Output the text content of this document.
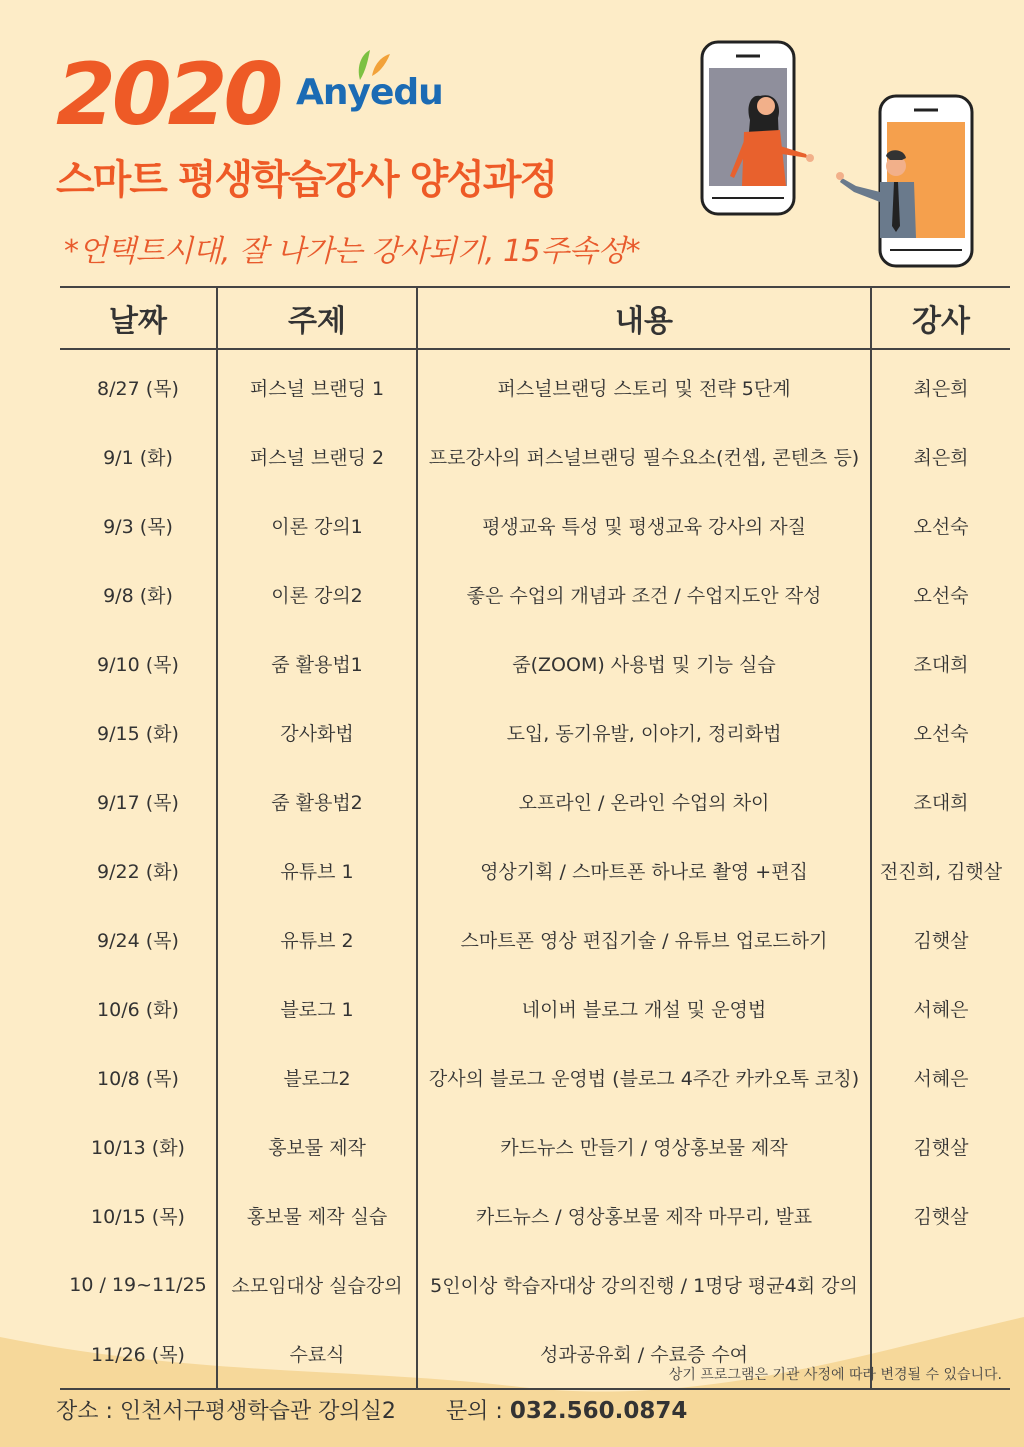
2020 Anyedu
스마트 평생학습강사 양성과정
*언택트시대, 잘 나가는 강사되기, 15주속성*
날짜	주제	내용	강사
8/27 (목)	퍼스널 브랜딩 1	퍼스널브랜딩 스토리 및 전략 5단계	최은희
9/1 (화)	퍼스널 브랜딩 2	프로강사의 퍼스널브랜딩 필수요소(컨셉, 콘텐츠 등)	최은희
9/3 (목)	이론 강의1	평생교육 특성 및 평생교육 강사의 자질	오선숙
9/8 (화)	이론 강의2	좋은 수업의 개념과 조건 / 수업지도안 작성	오선숙
9/10 (목)	줌 활용법1	줌(ZOOM) 사용법 및 기능 실습	조대희
9/15 (화)	강사화법	도입, 동기유발, 이야기, 정리화법	오선숙
9/17 (목)	줌 활용법2	오프라인 / 온라인 수업의 차이	조대희
9/22 (화)	유튜브 1	영상기획 / 스마트폰 하나로 촬영 +편집	전진희, 김햇살
9/24 (목)	유튜브 2	스마트폰 영상 편집기술 / 유튜브 업로드하기	김햇살
10/6 (화)	블로그 1	네이버 블로그 개설 및 운영법	서혜은
10/8 (목)	블로그2	강사의 블로그 운영법 (블로그 4주간 카카오톡 코칭)	서혜은
10/13 (화)	홍보물 제작	카드뉴스 만들기 / 영상홍보물 제작	김햇살
10/15 (목)	홍보물 제작 실습	카드뉴스 / 영상홍보물 제작 마무리, 발표	김햇살
10 / 19~11/25	소모임대상 실습강의	5인이상 학습자대상 강의진행 / 1명당 평균4회 강의	
11/26 (목)	수료식	성과공유회 / 수료증 수여	
상기 프로그램은 기관 사정에 따라 변경될 수 있습니다.
장소 : 인천서구평생학습관 강의실2 문의 : 032.560.0874
